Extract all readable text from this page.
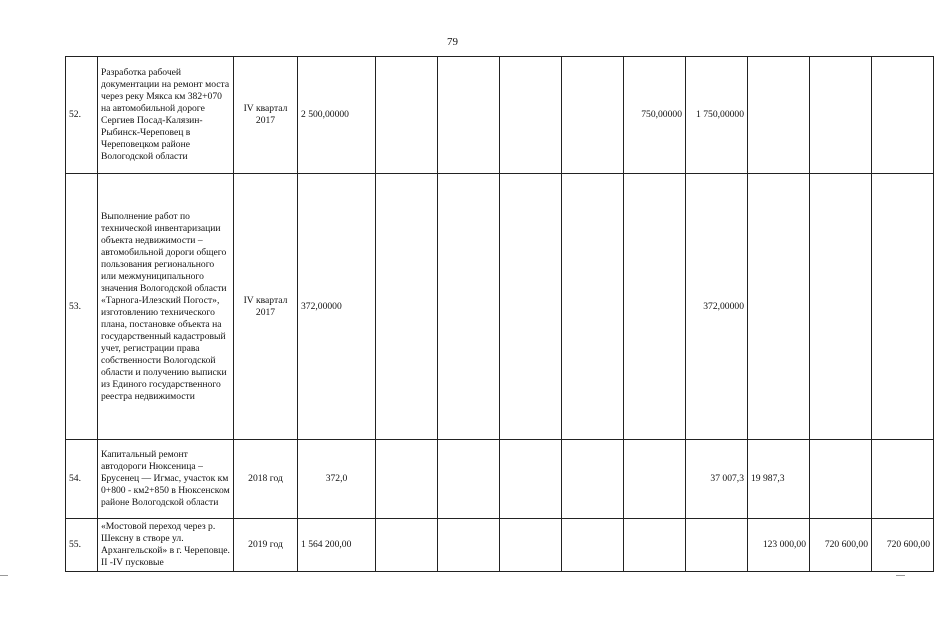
79
52.	Разработка рабочей документации на ремонт моста через реку Мякса км 382+070 на автомобильной дороге Сергиев Посад-Калязин-Рыбинск-Череповец в Череповецком районе Вологодской области	IV квартал 2017	2 500,00000					750,00000	1 750,00000			
53.	Выполнение работ по технической инвентаризации объекта недвижимости – автомобильной дороги общего пользования регионального или межмуниципального значения Вологодской области «Тарнога-Илезский Погост», изготовлению технического плана, постановке объекта на государственный кадастровый учет, регистрации права собственности Вологодской области и получению выписки из Единого государственного реестра недвижимости	IV квартал 2017	372,00000						372,00000			
54.	Капитальный ремонт автодороги Нюксеница – Брусенец — Игмас, участок км 0+800 - км2+850 в Нюксенском районе Вологодской области	2018 год	372,0						37 007,3	19 987,3		
55.	«Мостовой переход через р. Шексну в створе ул. Архангельской» в г. Череповце. II -IV пусковые	2019 год	1 564 200,00							123 000,00	720 600,00	720 600,00
